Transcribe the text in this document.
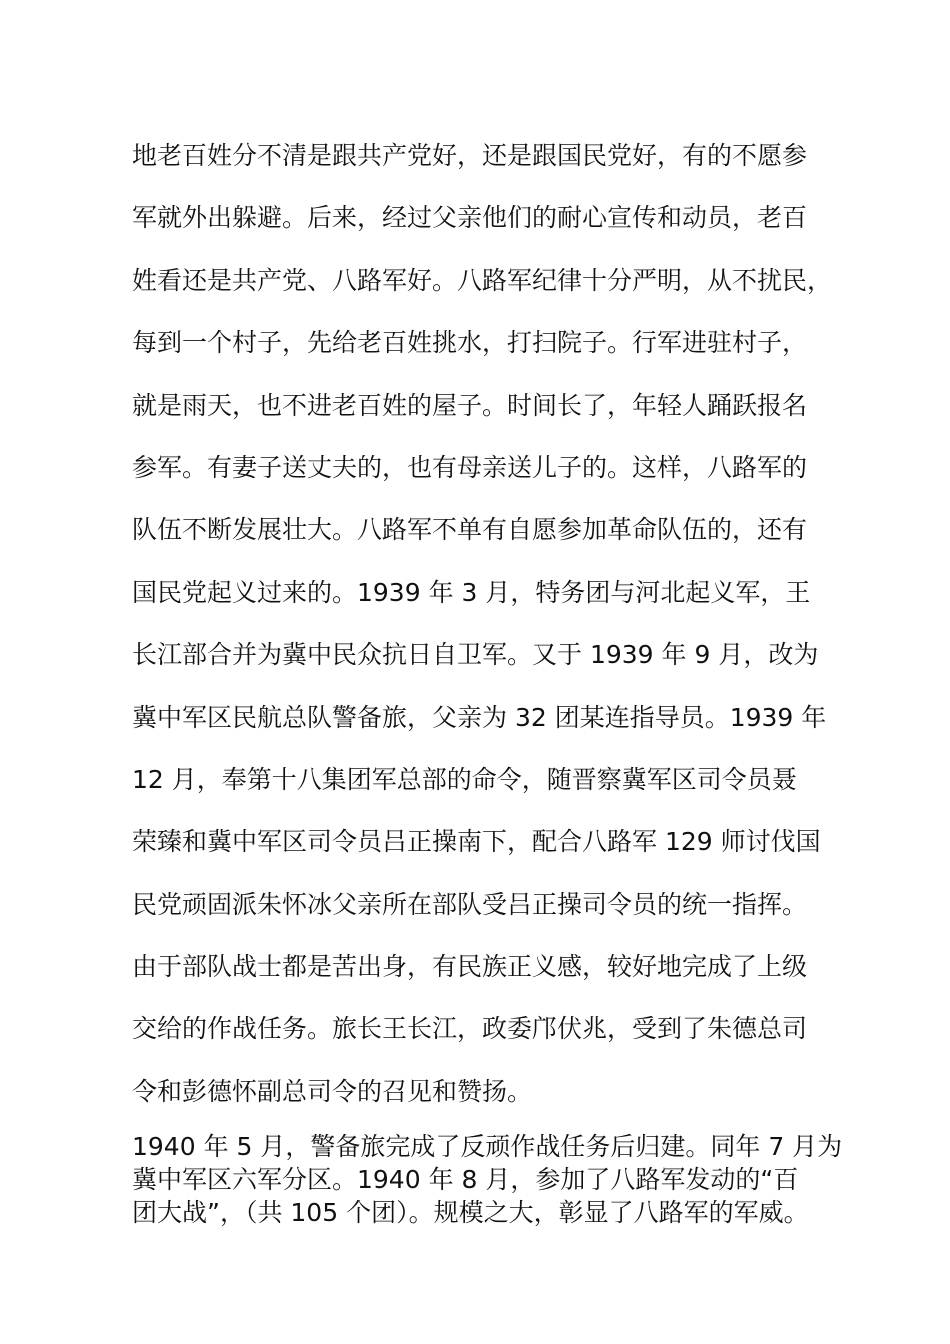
地老百姓分不清是跟共产党好，还是跟国民党好，有的不愿参
军就外出躲避。后来，经过父亲他们的耐心宣传和动员，老百
姓看还是共产党、八路军好。八路军纪律十分严明，从不扰民，
每到一个村子，先给老百姓挑水，打扫院子。行军进驻村子，
就是雨天，也不进老百姓的屋子。时间长了，年轻人踊跃报名
参军。有妻子送丈夫的，也有母亲送儿子的。这样，八路军的
队伍不断发展壮大。八路军不单有自愿参加革命队伍的，还有
国民党起义过来的。1939 年 3 月，特务团与河北起义军，王
长江部合并为冀中民众抗日自卫军。又于 1939 年 9 月，改为
冀中军区民航总队警备旅，父亲为 32 团某连指导员。1939 年
12 月，奉第十八集团军总部的命令，随晋察冀军区司令员聂
荣臻和冀中军区司令员吕正操南下，配合八路军 129 师讨伐国
民党顽固派朱怀冰父亲所在部队受吕正操司令员的统一指挥。
由于部队战士都是苦出身，有民族正义感，较好地完成了上级
交给的作战任务。旅长王长江，政委邝伏兆，受到了朱德总司
令和彭德怀副总司令的召见和赞扬。
1940 年 5 月，警备旅完成了反顽作战任务后归建。同年 7 月为
冀中军区六军分区。1940 年 8 月，参加了八路军发动的“百
团大战”，（共 105 个团）。规模之大，彰显了八路军的军威。
